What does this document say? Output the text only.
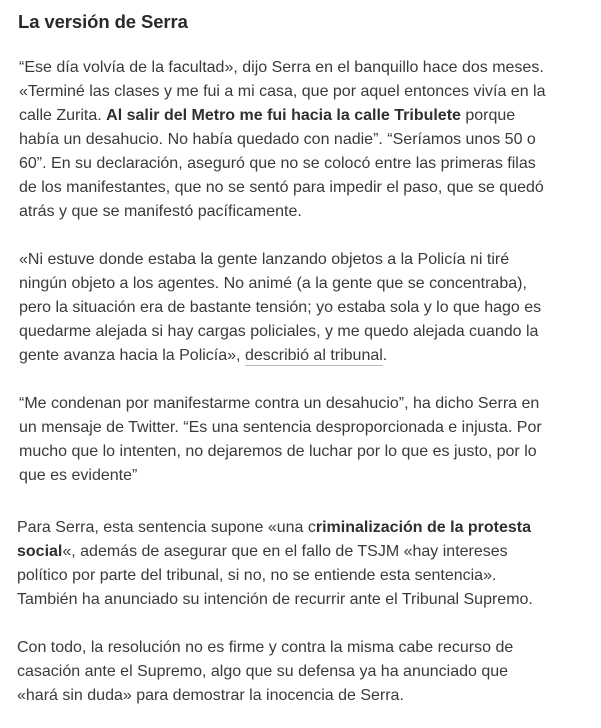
La versión de Serra

“Ese día volvía de la facultad», dijo Serra en el banquillo hace dos meses.
«Terminé las clases y me fui a mi casa, que por aquel entonces vivía en la
calle Zurita. Al salir del Metro me fui hacia la calle Tribulete porque
había un desahucio. No había quedado con nadie”. “Seríamos unos 50 o
60”. En su declaración, aseguró que no se colocó entre las primeras filas
de los manifestantes, que no se sentó para impedir el paso, que se quedó
atrás y que se manifestó pacíficamente.

«Ni estuve donde estaba la gente lanzando objetos a la Policía ni tiré
ningún objeto a los agentes. No animé (a la gente que se concentraba),
pero la situación era de bastante tensión; yo estaba sola y lo que hago es
quedarme alejada si hay cargas policiales, y me quedo alejada cuando la
gente avanza hacia la Policía», describió al tribunal.

“Me condenan por manifestarme contra un desahucio”, ha dicho Serra en
un mensaje de Twitter. “Es una sentencia desproporcionada e injusta. Por
mucho que lo intenten, no dejaremos de luchar por lo que es justo, por lo
que es evidente”

Para Serra, esta sentencia supone «una criminalización de la protesta
social«, además de asegurar que en el fallo de TSJM «hay intereses
político por parte del tribunal, si no, no se entiende esta sentencia».
También ha anunciado su intención de recurrir ante el Tribunal Supremo.

Con todo, la resolución no es firme y contra la misma cabe recurso de
casación ante el Supremo, algo que su defensa ya ha anunciado que
«hará sin duda» para demostrar la inocencia de Serra.
